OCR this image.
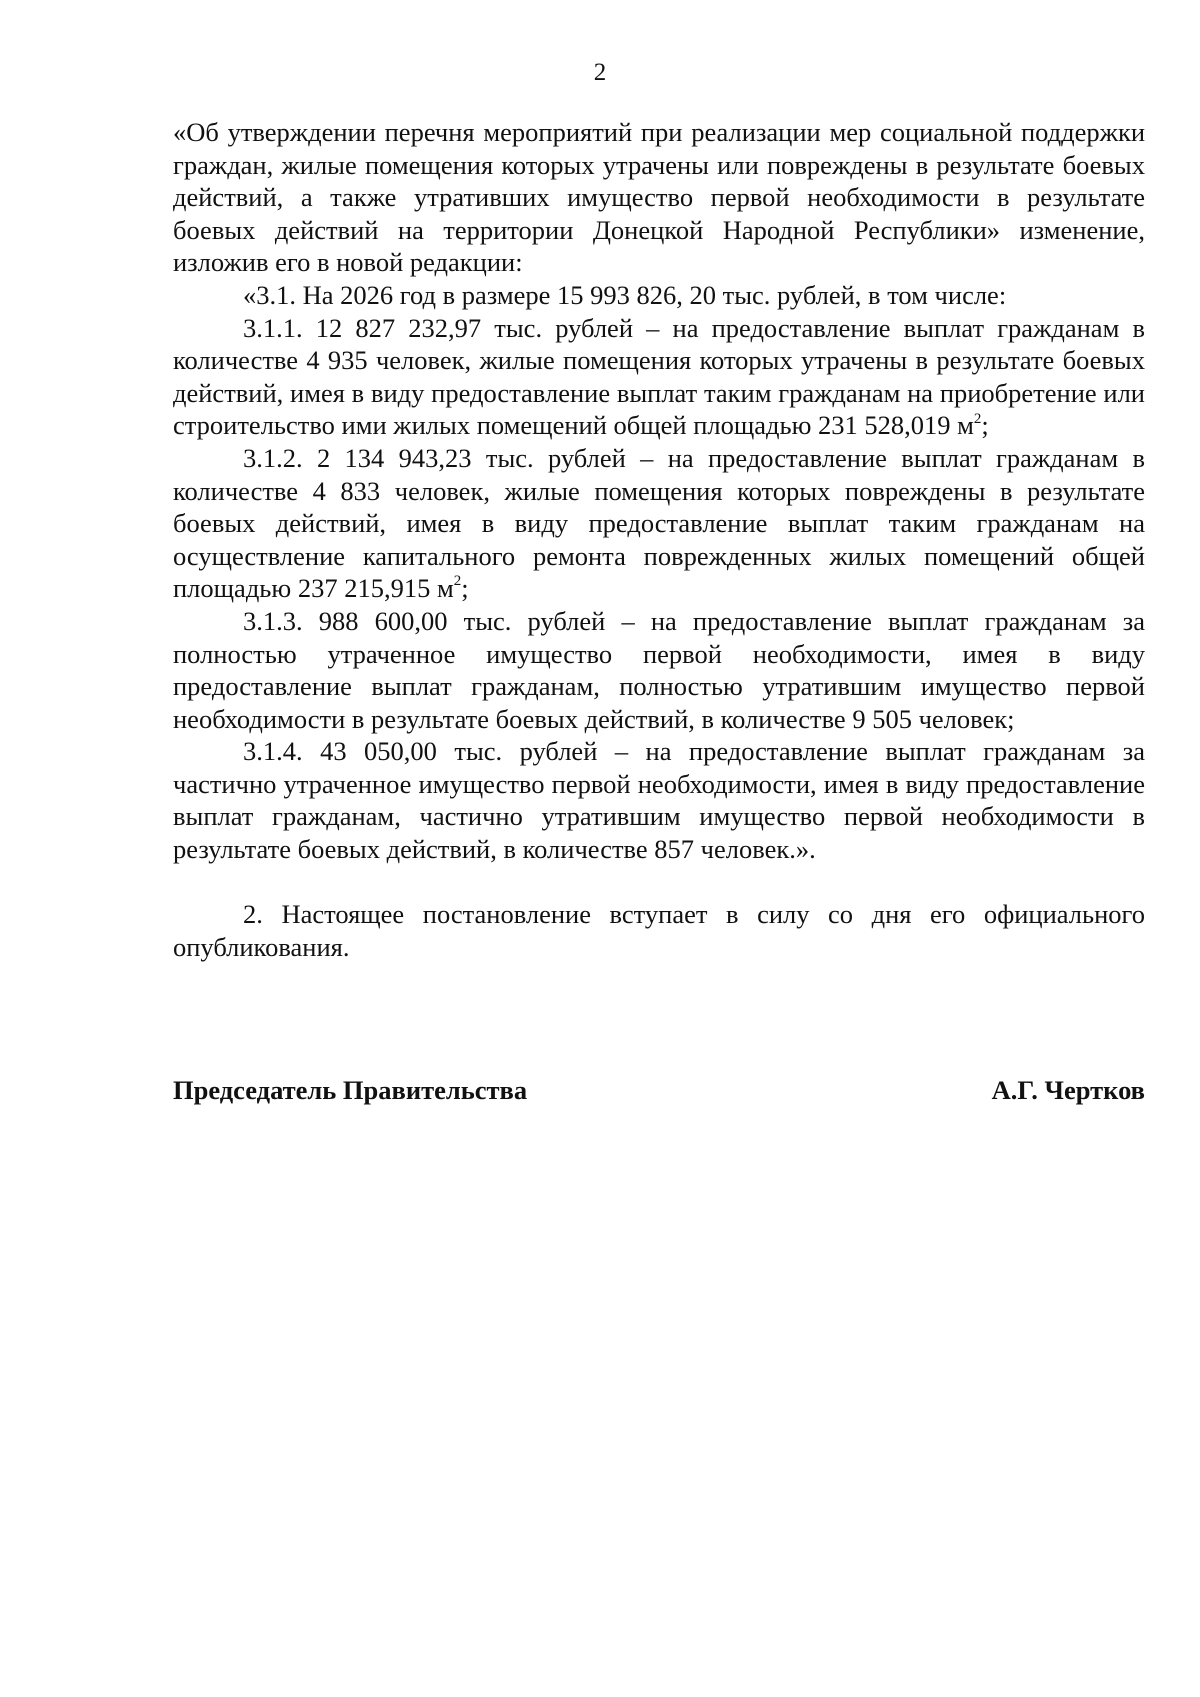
2

«Об утверждении перечня мероприятий при реализации мер социальной поддержки граждан, жилые помещения которых утрачены или повреждены в результате боевых действий, а также утративших имущество первой необходимости в результате боевых действий на территории Донецкой Народной Республики» изменение, изложив его в новой редакции:

«3.1. На 2026 год в размере 15 993 826, 20 тыс. рублей, в том числе:

3.1.1. 12 827 232,97 тыс. рублей – на предоставление выплат гражданам в количестве 4 935 человек, жилые помещения которых утрачены в результате боевых действий, имея в виду предоставление выплат таким гражданам на приобретение или строительство ими жилых помещений общей площадью 231 528,019 $м^2$;

3.1.2. 2 134 943,23 тыс. рублей – на предоставление выплат гражданам в количестве 4 833 человек, жилые помещения которых повреждены в результате боевых действий, имея в виду предоставление выплат таким гражданам на осуществление капитального ремонта поврежденных жилых помещений общей площадью 237 215,915 $м^2$;

3.1.3. 988 600,00 тыс. рублей – на предоставление выплат гражданам за полностью утраченное имущество первой необходимости, имея в виду предоставление выплат гражданам, полностью утратившим имущество первой необходимости в результате боевых действий, в количестве 9 505 человек;

3.1.4. 43 050,00 тыс. рублей – на предоставление выплат гражданам за частично утраченное имущество первой необходимости, имея в виду предоставление выплат гражданам, частично утратившим имущество первой необходимости в результате боевых действий, в количестве 857 человек.».

2. Настоящее постановление вступает в силу со дня его официального опубликования.

Председатель Правительства	А.Г. Чертков
